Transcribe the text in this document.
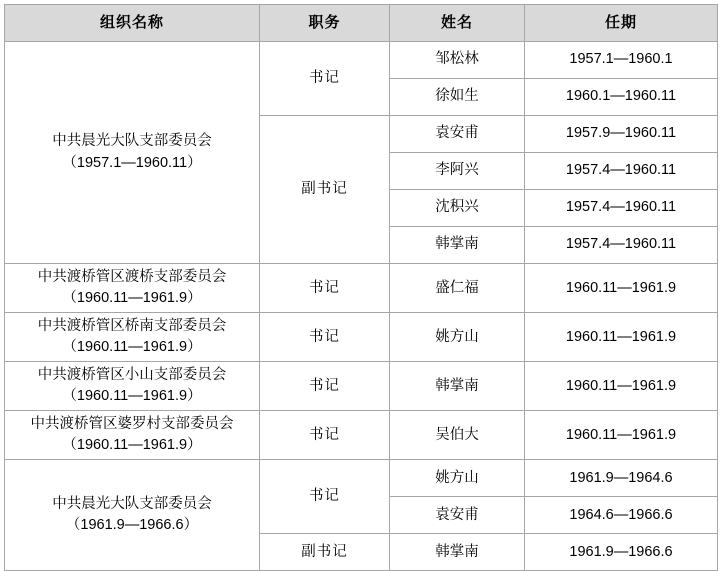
组织名称	职务	姓名	任期

中共晨光大队支部委员会
（1957.1—1960.11）	书记	邹松林	1957.1—1960.1
		徐如生	1960.1—1960.11
	副书记	袁安甫	1957.9—1960.11
		李阿兴	1957.4—1960.11
		沈积兴	1957.4—1960.11
		韩掌南	1957.4—1960.11

中共渡桥管区渡桥支部委员会
（1960.11—1961.9）	书记	盛仁福	1960.11—1961.9

中共渡桥管区桥南支部委员会
（1960.11—1961.9）	书记	姚方山	1960.11—1961.9

中共渡桥管区小山支部委员会
（1960.11—1961.9）	书记	韩掌南	1960.11—1961.9

中共渡桥管区婆罗村支部委员会
（1960.11—1961.9）	书记	吴伯大	1960.11—1961.9

中共晨光大队支部委员会
（1961.9—1966.6）	书记	姚方山	1961.9—1964.6
		袁安甫	1964.6—1966.6
	副书记	韩掌南	1961.9—1966.6
